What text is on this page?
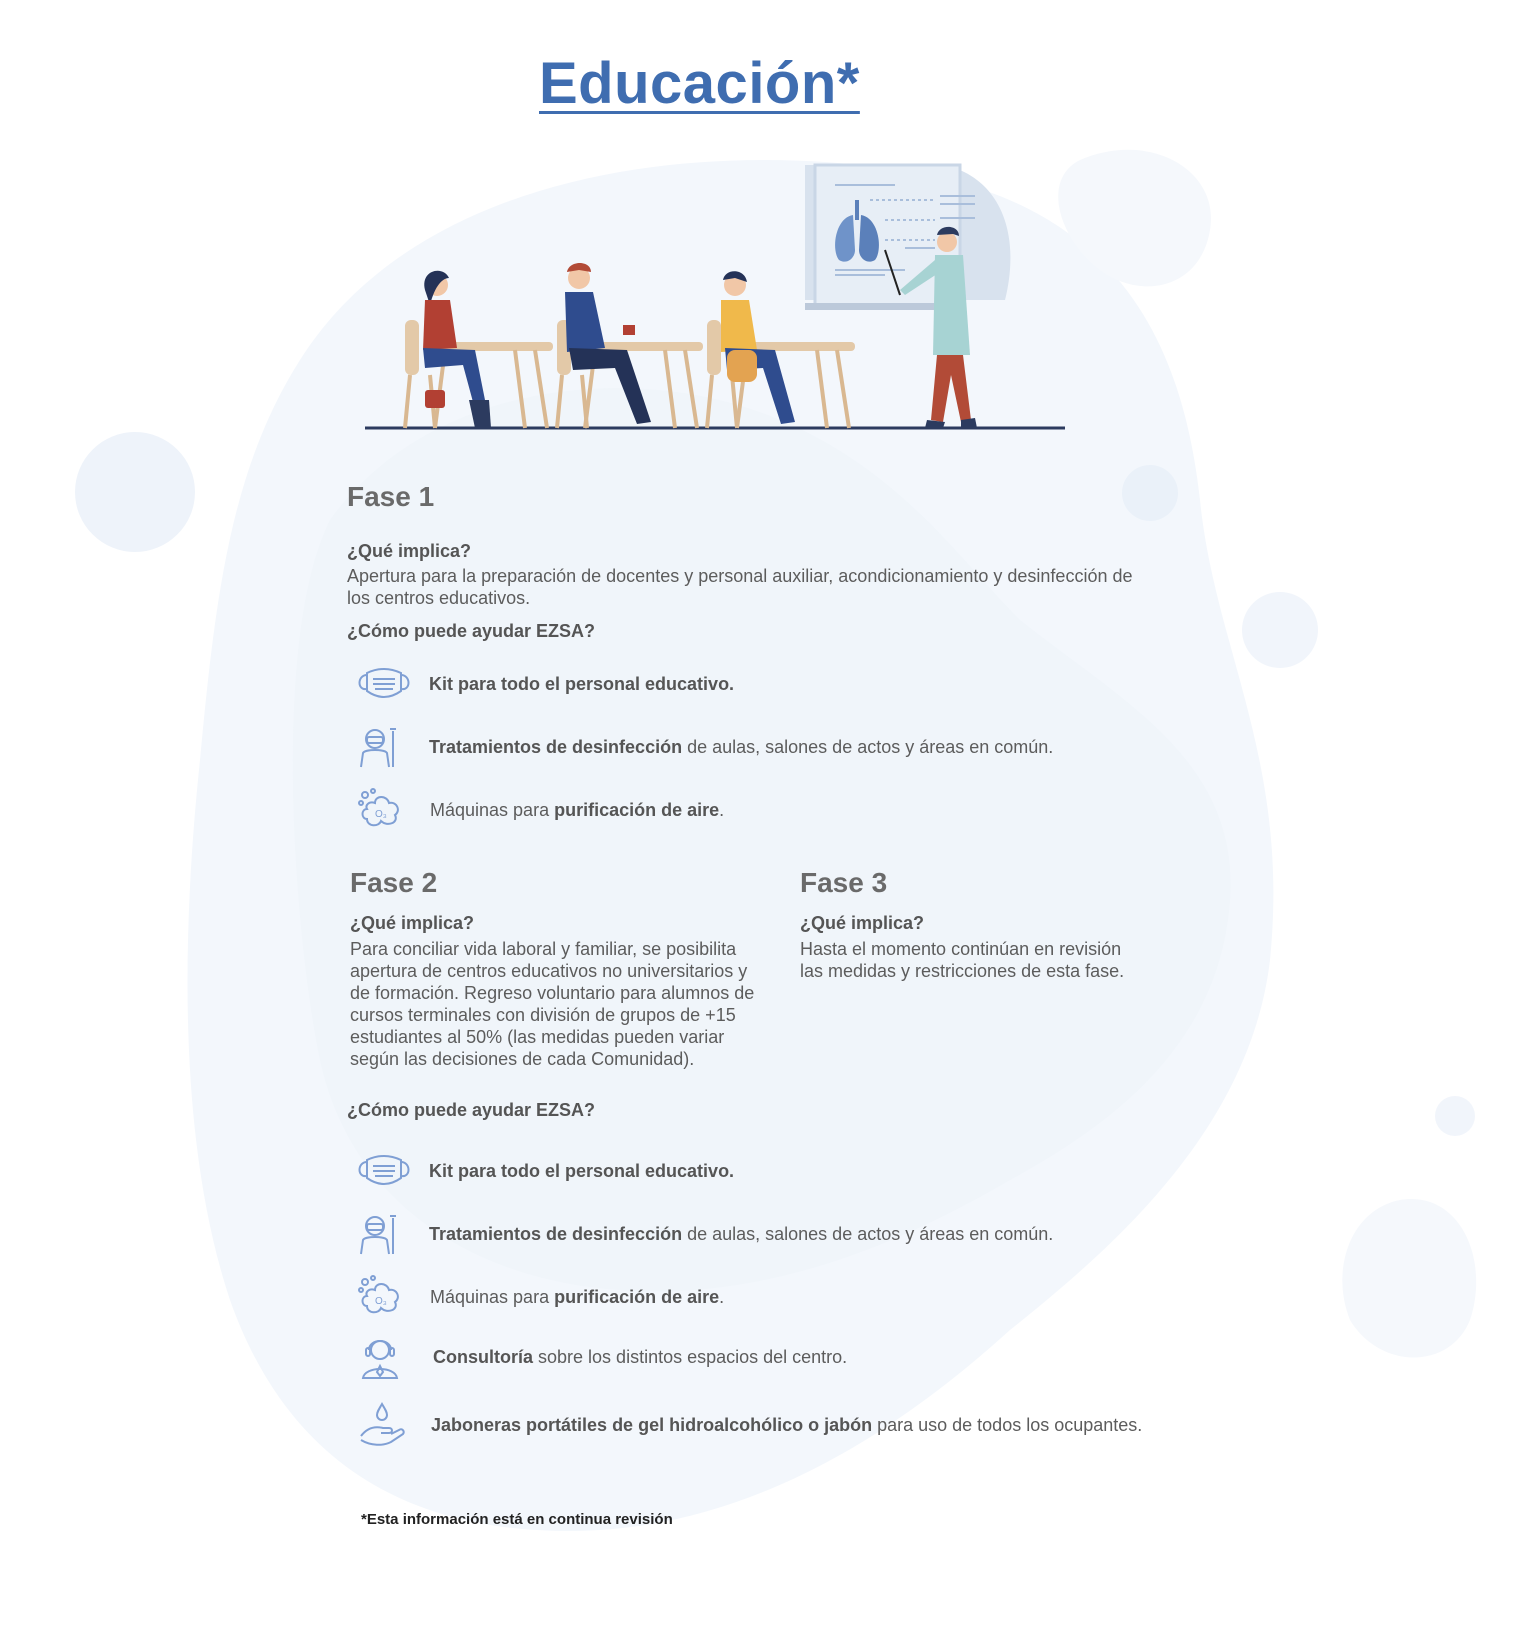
Educación*
Fase 1

¿Qué implica?

Apertura para la preparación de docentes y personal auxiliar, acondicionamiento y desinfección de los centros educativos.

¿Cómo puede ayudar EZSA?

Kit para todo el personal educativo.
Tratamientos de desinfección de aulas, salones de actos y áreas en común.
O₃ Máquinas para purificación de aire.
Fase 2

¿Qué implica?

Para conciliar vida laboral y familiar, se posibilita apertura de centros educativos no universitarios y de formación. Regreso voluntario para alumnos de cursos terminales con división de grupos de +15 estudiantes al 50% (las medidas pueden variar según las decisiones de cada Comunidad).

Fase 3

¿Qué implica?

Hasta el momento continúan en revisión las medidas y restricciones de esta fase.

¿Cómo puede ayudar EZSA?

Kit para todo el personal educativo.
Tratamientos de desinfección de aulas, salones de actos y áreas en común.
O₃ Máquinas para purificación de aire.
Consultoría sobre los distintos espacios del centro.
Jaboneras portátiles de gel hidroalcohólico o jabón para uso de todos los ocupantes.
*Esta información está en continua revisión
